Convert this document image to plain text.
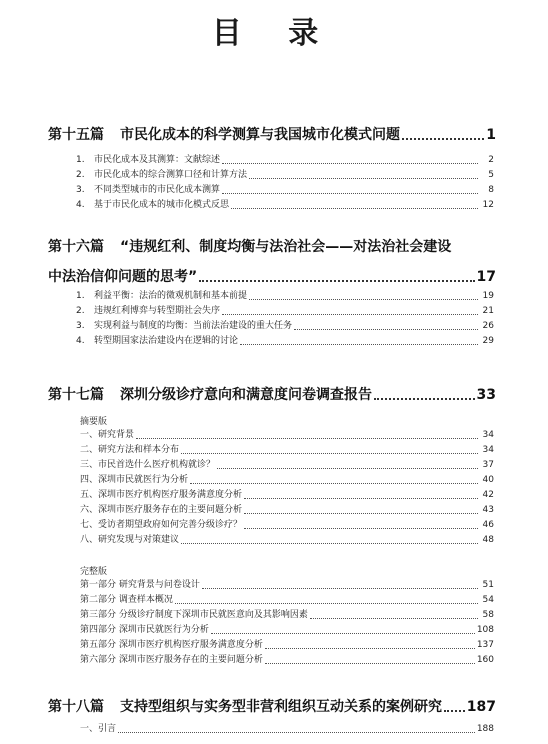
目 录
第十五篇 市民化成本的科学测算与我国城市化模式问题	1
1.	市民化成本及其测算：文献综述	2
2.	市民化成本的综合测算口径和计算方法	5
3.	不同类型城市的市民化成本测算	8
4.	基于市民化成本的城市化模式反思	12
第十六篇 “违规红利、制度均衡与法治社会——对法治社会建设
中法治信仰问题的思考”	17
1.	利益平衡：法治的微观机制和基本前提	19
2.	违规红利博弈与转型期社会失序	21
3.	实现利益与制度的均衡：当前法治建设的重大任务	26
4.	转型期国家法治建设内在逻辑的讨论	29
第十七篇 深圳分级诊疗意向和满意度问卷调查报告	33
摘要版
一、研究背景	34
二、研究方法和样本分布	34
三、市民首选什么医疗机构就诊？	37
四、深圳市民就医行为分析	40
五、深圳市医疗机构医疗服务满意度分析	42
六、深圳市医疗服务存在的主要问题分析	43
七、受访者期望政府如何完善分级诊疗？	46
八、研究发现与对策建议	48
完整版
第一部分 研究背景与问卷设计	51
第二部分 调查样本概况	54
第三部分 分级诊疗制度下深圳市民就医意向及其影响因素	58
第四部分 深圳市民就医行为分析	108
第五部分 深圳市医疗机构医疗服务满意度分析	137
第六部分 深圳市医疗服务存在的主要问题分析	160
第十八篇 支持型组织与实务型非营利组织互动关系的案例研究 187
一、引言	188
